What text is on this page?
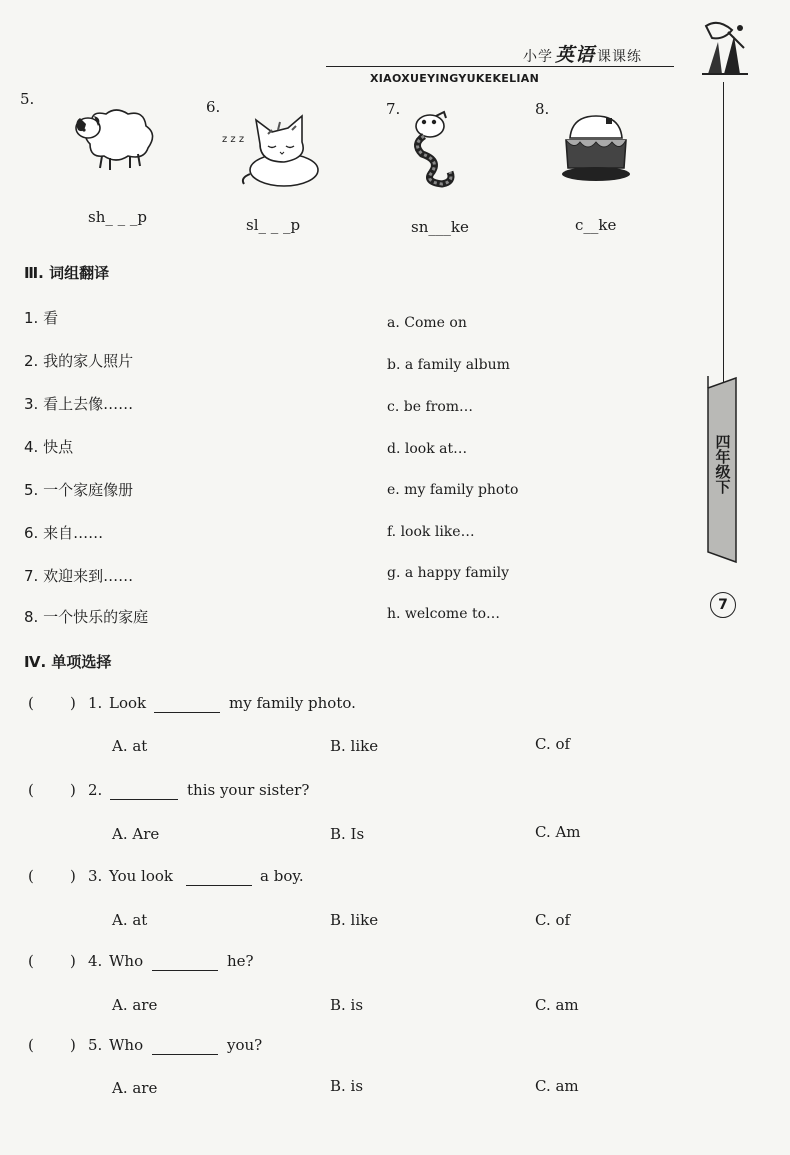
小学 英语 课课练
XIAOXUEYINGYUKEKELIAN
四年级下
7
5.	6.	7.	8.
z z z
sh_ _ _p	sl_ _ _p	sn___ke	c__ke
Ⅲ. 词组翻译
1. 看
2. 我的家人照片
3. 看上去像……
4. 快点
5. 一个家庭像册
6. 来自……
7. 欢迎来到……
8. 一个快乐的家庭
a. Come on
b. a family album
c. be from…
d. look at…
e. my family photo
f. look like…
g. a happy family
h. welcome to…
Ⅳ. 单项选择
( ) 1. Look	my family photo.
A. at	B. like	C. of
( ) 2.	this your sister?
A. Are	B. Is	C. Am
( ) 3. You look	a boy.
A. at	B. like	C. of
( ) 4. Who	he?
A. are	B. is	C. am
( ) 5. Who	you?
A. are	B. is	C. am
